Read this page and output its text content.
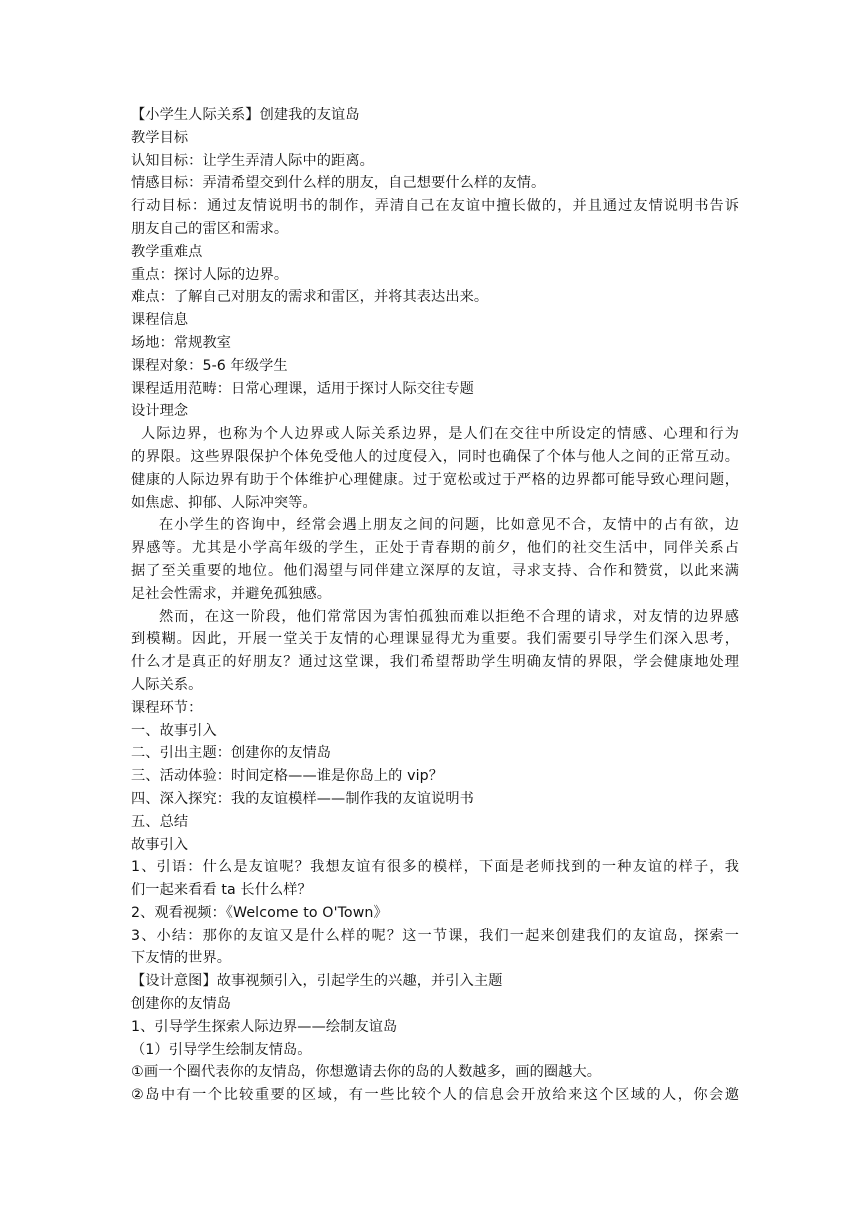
【小学生人际关系】创建我的友谊岛
教学目标
认知目标：让学生弄清人际中的距离。
情感目标：弄清希望交到什么样的朋友，自己想要什么样的友情。
行动目标：通过友情说明书的制作，弄清自己在友谊中擅长做的，并且通过友情说明书告诉
朋友自己的雷区和需求。
教学重难点
重点：探讨人际的边界。
难点：了解自己对朋友的需求和雷区，并将其表达出来。
课程信息
场地：常规教室
课程对象：5-6 年级学生
课程适用范畴：日常心理课，适用于探讨人际交往专题
设计理念
人际边界，也称为个人边界或人际关系边界，是人们在交往中所设定的情感、心理和行为
的界限。这些界限保护个体免受他人的过度侵入，同时也确保了个体与他人之间的正常互动。
健康的人际边界有助于个体维护心理健康。过于宽松或过于严格的边界都可能导致心理问题，
如焦虑、抑郁、人际冲突等。
在小学生的咨询中，经常会遇上朋友之间的问题，比如意见不合，友情中的占有欲，边
界感等。尤其是小学高年级的学生，正处于青春期的前夕，他们的社交生活中，同伴关系占
据了至关重要的地位。他们渴望与同伴建立深厚的友谊，寻求支持、合作和赞赏，以此来满
足社会性需求，并避免孤独感。
然而，在这一阶段，他们常常因为害怕孤独而难以拒绝不合理的请求，对友情的边界感
到模糊。因此，开展一堂关于友情的心理课显得尤为重要。我们需要引导学生们深入思考，
什么才是真正的好朋友？通过这堂课，我们希望帮助学生明确友情的界限，学会健康地处理
人际关系。
课程环节：
一、故事引入
二、引出主题：创建你的友情岛
三、活动体验：时间定格——谁是你岛上的 vip？
四、深入探究：我的友谊模样——制作我的友谊说明书
五、总结
故事引入
1、引语：什么是友谊呢？我想友谊有很多的模样，下面是老师找到的一种友谊的样子，我
们一起来看看 ta 长什么样？
2、观看视频：《Welcome to O'Town》
3、小结：那你的友谊又是什么样的呢？这一节课，我们一起来创建我们的友谊岛，探索一
下友情的世界。
【设计意图】故事视频引入，引起学生的兴趣，并引入主题
创建你的友情岛
1、引导学生探索人际边界——绘制友谊岛
（1）引导学生绘制友情岛。
①画一个圈代表你的友情岛，你想邀请去你的岛的人数越多，画的圈越大。
②岛中有一个比较重要的区域，有一些比较个人的信息会开放给来这个区域的人，你会邀
